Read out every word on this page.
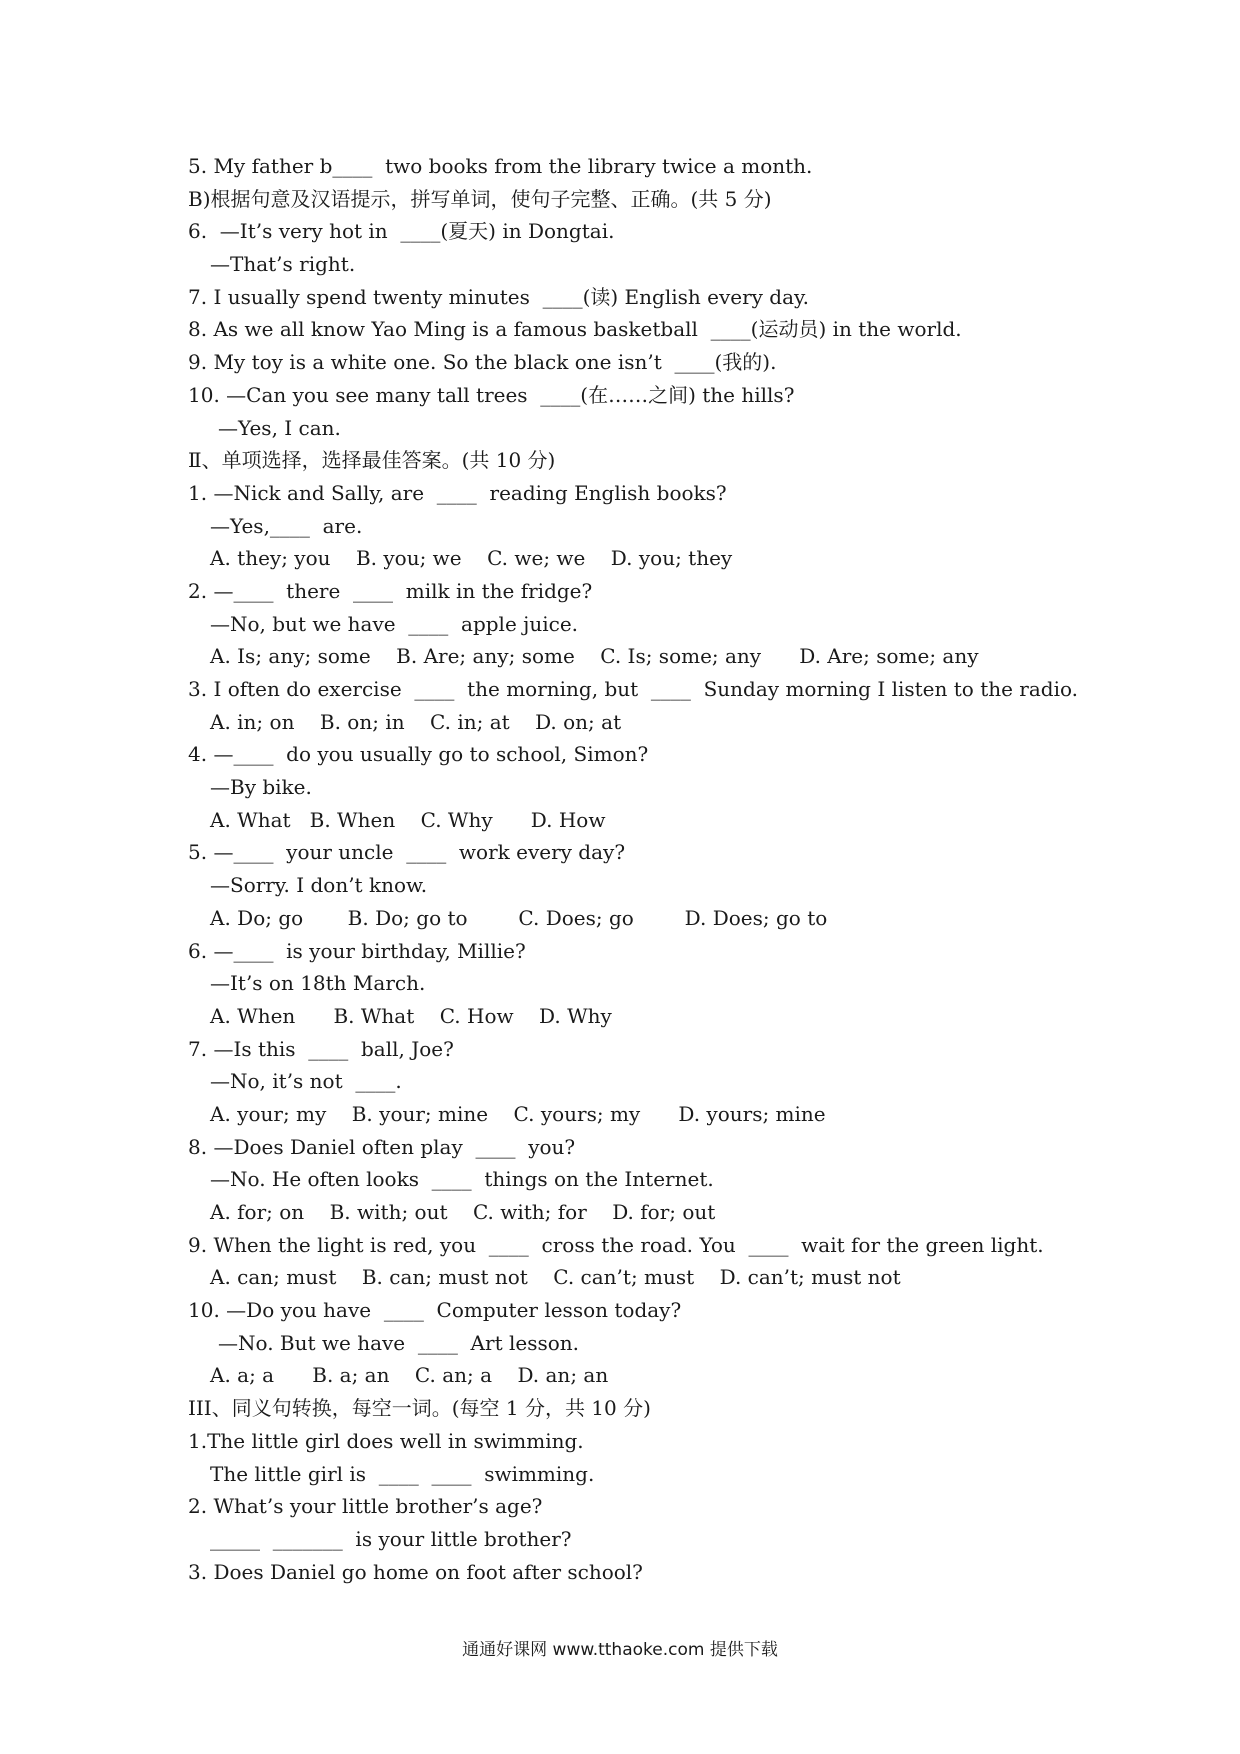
5. My father b____  two books from the library twice a month.
B)根据句意及汉语提示，拼写单词，使句子完整、正确。(共 5 分)
6.  —It’s very hot in  ____(夏天) in Dongtai.
—That’s right.
7. I usually spend twenty minutes  ____(读) English every day.
8. As we all know Yao Ming is a famous basketball  ____(运动员) in the world.
9. My toy is a white one. So the black one isn’t  ____(我的).
10. —Can you see many tall trees  ____(在……之间) the hills?
—Yes, I can.
Ⅱ、单项选择，选择最佳答案。(共 10 分)
1. —Nick and Sally, are  ____  reading English books?
—Yes,____  are.
A. they; you    B. you; we    C. we; we    D. you; they
2. —____  there  ____  milk in the fridge?
—No, but we have  ____  apple juice.
A. Is; any; some    B. Are; any; some    C. Is; some; any      D. Are; some; any
3. I often do exercise  ____  the morning, but  ____  Sunday morning I listen to the radio.
A. in; on    B. on; in    C. in; at    D. on; at
4. —____  do you usually go to school, Simon?
—By bike.
A. What   B. When    C. Why      D. How
5. —____  your uncle  ____  work every day?
—Sorry. I don’t know.
A. Do; go       B. Do; go to        C. Does; go        D. Does; go to
6. —____  is your birthday, Millie?
—It’s on 18th March.
A. When      B. What    C. How    D. Why
7. —Is this  ____  ball, Joe?
—No, it’s not  ____.
A. your; my    B. your; mine    C. yours; my      D. yours; mine
8. —Does Daniel often play  ____  you?
—No. He often looks  ____  things on the Internet.
A. for; on    B. with; out    C. with; for    D. for; out
9. When the light is red, you  ____  cross the road. You  ____  wait for the green light.
A. can; must    B. can; must not    C. can’t; must    D. can’t; must not
10. —Do you have  ____  Computer lesson today?
—No. But we have  ____  Art lesson.
A. a; a      B. a; an    C. an; a    D. an; an
III、同义句转换，每空一词。(每空 1 分，共 10 分)
1.The little girl does well in swimming.
The little girl is  ____  ____  swimming.
2. What’s your little brother’s age?
_____  _______  is your little brother?
3. Does Daniel go home on foot after school?
通通好课网 www.tthaoke.com 提供下载
